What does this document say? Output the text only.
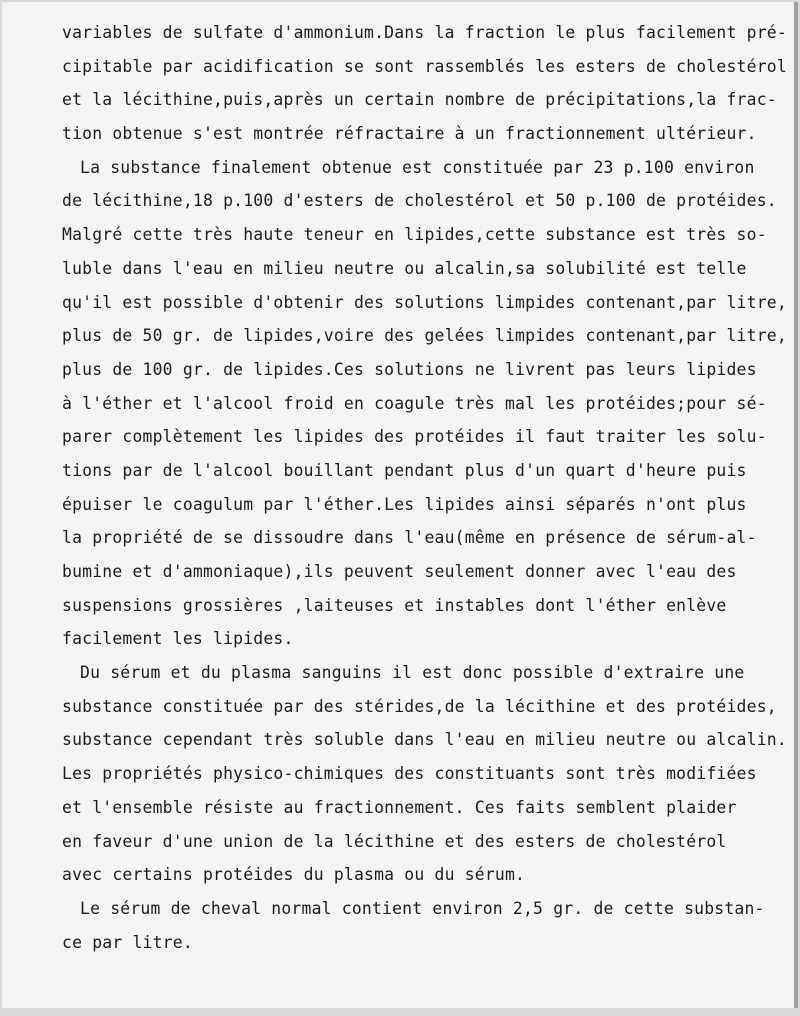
variables de sulfate d'ammonium.Dans la fraction le plus facilement pré-
cipitable par acidification se sont rassemblés les esters de cholestérol
et la lécithine,puis,après un certain nombre de précipitations,la frac-
tion obtenue s'est montrée réfractaire à un fractionnement ultérieur.
La substance finalement obtenue est constituée par 23 p.100 environ
de lécithine,18 p.100 d'esters de cholestérol et 50 p.100 de protéides.
Malgré cette très haute teneur en lipides,cette substance est très so-
luble dans l'eau en milieu neutre ou alcalin,sa solubilité est telle
qu'il est possible d'obtenir des solutions limpides contenant,par litre,
plus de 50 gr. de lipides,voire des gelées limpides contenant,par litre,
plus de 100 gr. de lipides.Ces solutions ne livrent pas leurs lipides
à l'éther et l'alcool froid en coagule très mal les protéides;pour sé-
parer complètement les lipides des protéides il faut traiter les solu-
tions par de l'alcool bouillant pendant plus d'un quart d'heure puis
épuiser le coagulum par l'éther.Les lipides ainsi séparés n'ont plus
la propriété de se dissoudre dans l'eau(même en présence de sérum-al-
bumine et d'ammoniaque),ils peuvent seulement donner avec l'eau des
suspensions grossières ,laiteuses et instables dont l'éther enlève
facilement les lipides.
Du sérum et du plasma sanguins il est donc possible d'extraire une
substance constituée par des stérides,de la lécithine et des protéides,
substance cependant très soluble dans l'eau en milieu neutre ou alcalin.
Les propriétés physico-chimiques des constituants sont très modifiées
et l'ensemble résiste au fractionnement. Ces faits semblent plaider
en faveur d'une union de la lécithine et des esters de cholestérol
avec certains protéides du plasma ou du sérum.
Le sérum de cheval normal contient environ 2,5 gr. de cette substan-
ce par litre.
